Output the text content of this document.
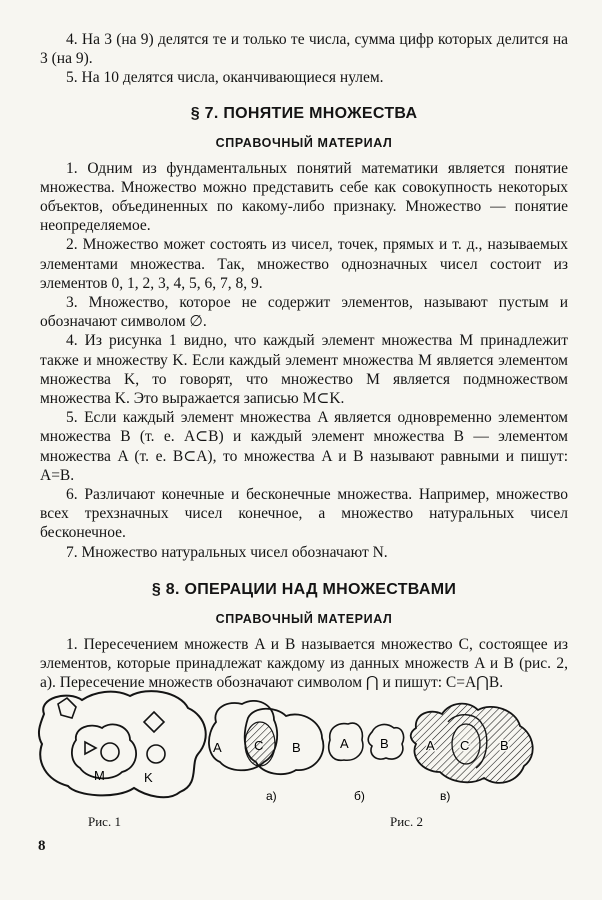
4. На 3 (на 9) делятся те и только те числа, сумма цифр которых делится на 3 (на 9).

5. На 10 делятся числа, оканчивающиеся нулем.

§ 7. ПОНЯТИЕ МНОЖЕСТВА
СПРАВОЧНЫЙ МАТЕРИАЛ

1. Одним из фундаментальных понятий математики является понятие множества. Множество можно представить себе как совокупность некоторых объектов, объединенных по какому-либо признаку. Множество — понятие неопределяемое.

2. Множество может состоять из чисел, точек, прямых и т. д., называемых элементами множества. Так, множество однозначных чисел состоит из элементов 0, 1, 2, 3, 4, 5, 6, 7, 8, 9.

3. Множество, которое не содержит элементов, называют пустым и обозначают символом ∅.

4. Из рисунка 1 видно, что каждый элемент множества M принадлежит также и множеству K. Если каждый элемент множества M является элементом множества K, то говорят, что множество M является подмножеством множества K. Это выражается записью M⊂K.

5. Если каждый элемент множества A является одновременно элементом множества B (т. е. A⊂B) и каждый элемент множества B — элементом множества A (т. е. B⊂A), то множества A и B называют равными и пишут: A=B.

6. Различают конечные и бесконечные множества. Например, множество всех трехзначных чисел конечное, а множество натуральных чисел бесконечное.

7. Множество натуральных чисел обозначают N.

§ 8. ОПЕРАЦИИ НАД МНОЖЕСТВАМИ
СПРАВОЧНЫЙ МАТЕРИАЛ

1. Пересечением множеств A и B называется множество C, состоящее из элементов, которые принадлежат каждому из данных множеств A и B (рис. 2, a). Пересечение множеств обозначают символом ⋂ и пишут: C=A⋂B.

M	K
A C B
а)
A B
б)
A C B
в)
Рис. 1	Рис. 2
8
